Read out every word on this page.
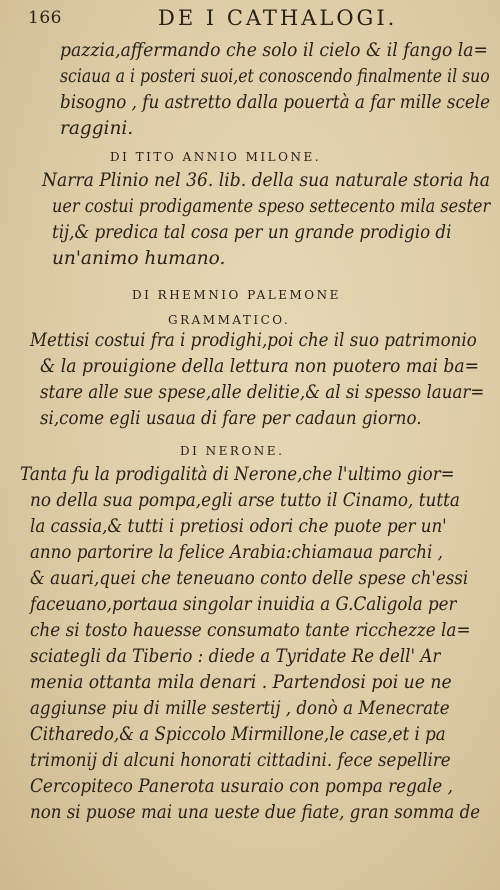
166	DE I CATHALOGI.
pazzia,affermando che solo il cielo & il fango la=
sciaua a i posteri suoi,et conoscendo finalmente il suo
bisogno , fu astretto dalla pouertà a far mille scele
raggini.
DI TITO ANNIO MILONE.
Narra Plinio nel 36. lib. della sua naturale storia ha
uer costui prodigamente speso settecento mila sester
tij,& predica tal cosa per un grande prodigio di
un'animo humano.
DI RHEMNIO PALEMONE
GRAMMATICO.
Mettisi costui fra i prodighi,poi che il suo patrimonio
& la prouigione della lettura non puotero mai ba=
stare alle sue spese,alle delitie,& al si spesso lauar=
si,come egli usaua di fare per cadaun giorno.
DI NERONE.
Tanta fu la prodigalità di Nerone,che l'ultimo gior=
no della sua pompa,egli arse tutto il Cinamo, tutta
la cassia,& tutti i pretiosi odori che puote per un'
anno partorire la felice Arabia:chiamaua parchi ,
& auari,quei che teneuano conto delle spese ch'essi
faceuano,portaua singolar inuidia a G.Caligola per
che si tosto hauesse consumato tante ricchezze la=
sciategli da Tiberio : diede a Tyridate Re dell' Ar
menia ottanta mila denari . Partendosi poi ue ne
aggiunse piu di mille sestertij , donò a Menecrate
Citharedo,& a Spiccolo Mirmillone,le case,et i pa
trimonij di alcuni honorati cittadini. fece sepellire
Cercopiteco Panerota usuraio con pompa regale ,
non si puose mai una ueste due fiate, gran somma de
